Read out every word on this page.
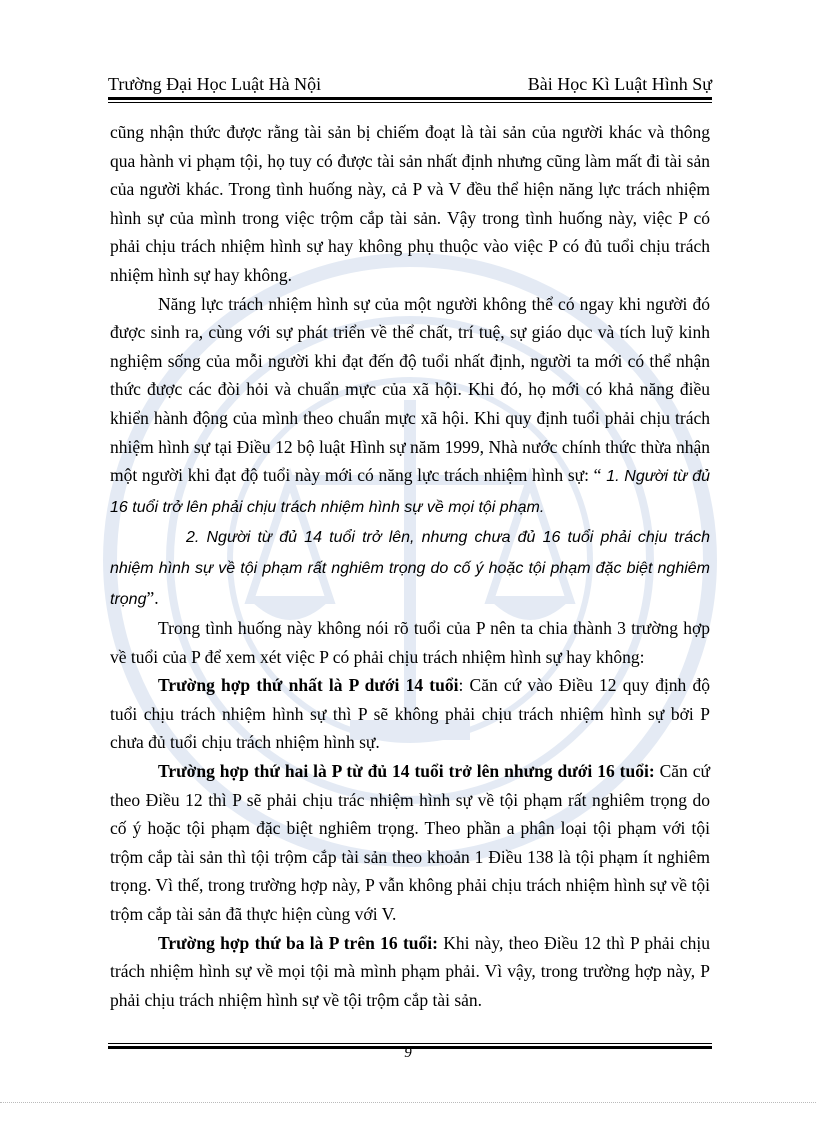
Trường Đại Học Luật Hà Nội	Bài Học Kì Luật Hình Sự

cũng nhận thức được rằng tài sản bị chiếm đoạt là tài sản của người khác và thông qua hành vi phạm tội, họ tuy có được tài sản nhất định nhưng cũng làm mất đi tài sản của người khác. Trong tình huống này, cả P và V đều thể hiện năng lực trách nhiệm hình sự của mình trong việc trộm cắp tài sản. Vậy trong tình huống này, việc P có phải chịu trách nhiệm hình sự hay không phụ thuộc vào việc P có đủ tuổi chịu trách nhiệm hình sự hay không.

Năng lực trách nhiệm hình sự của một người không thể có ngay khi người đó được sinh ra, cùng với sự phát triển về thể chất, trí tuệ, sự giáo dục và tích luỹ kinh nghiệm sống của mỗi người khi đạt đến độ tuổi nhất định, người ta mới có thể nhận thức được các đòi hỏi và chuẩn mực của xã hội. Khi đó, họ mới có khả năng điều khiển hành động của mình theo chuẩn mực xã hội. Khi quy định tuổi phải chịu trách nhiệm hình sự tại Điều 12 bộ luật Hình sự năm 1999, Nhà nước chính thức thừa nhận một người khi đạt độ tuổi này mới có năng lực trách nhiệm hình sự: “ 1. Người từ đủ 16 tuổi trở lên phải chịu trách nhiệm hình sự về mọi tội phạm.

2. Người từ đủ 14 tuổi trở lên, nhưng chưa đủ 16 tuổi phải chịu trách nhiệm hình sự về tội phạm rất nghiêm trọng do cố ý hoặc tội phạm đặc biệt nghiêm trọng”.

Trong tình huống này không nói rõ tuổi của P nên ta chia thành 3 trường hợp về tuổi của P để xem xét việc P có phải chịu trách nhiệm hình sự hay không:

Trường hợp thứ nhất là P dưới 14 tuổi: Căn cứ vào Điều 12 quy định độ tuổi chịu trách nhiệm hình sự thì P sẽ không phải chịu trách nhiệm hình sự bởi P chưa đủ tuổi chịu trách nhiệm hình sự.

Trường hợp thứ hai là P từ đủ 14 tuổi trở lên nhưng dưới 16 tuổi: Căn cứ theo Điều 12 thì P sẽ phải chịu trác nhiệm hình sự về tội phạm rất nghiêm trọng do cố ý hoặc tội phạm đặc biệt nghiêm trọng. Theo phần a phân loại tội phạm với tội trộm cắp tài sản thì tội trộm cắp tài sản theo khoản 1 Điều 138 là tội phạm ít nghiêm trọng. Vì thế, trong trường hợp này, P vẫn không phải chịu trách nhiệm hình sự về tội trộm cắp tài sản đã thực hiện cùng với V.

Trường hợp thứ ba là P trên 16 tuổi: Khi này, theo Điều 12 thì P phải chịu trách nhiệm hình sự về mọi tội mà mình phạm phải. Vì vậy, trong trường hợp này, P phải chịu trách nhiệm hình sự về tội trộm cắp tài sản.

9
